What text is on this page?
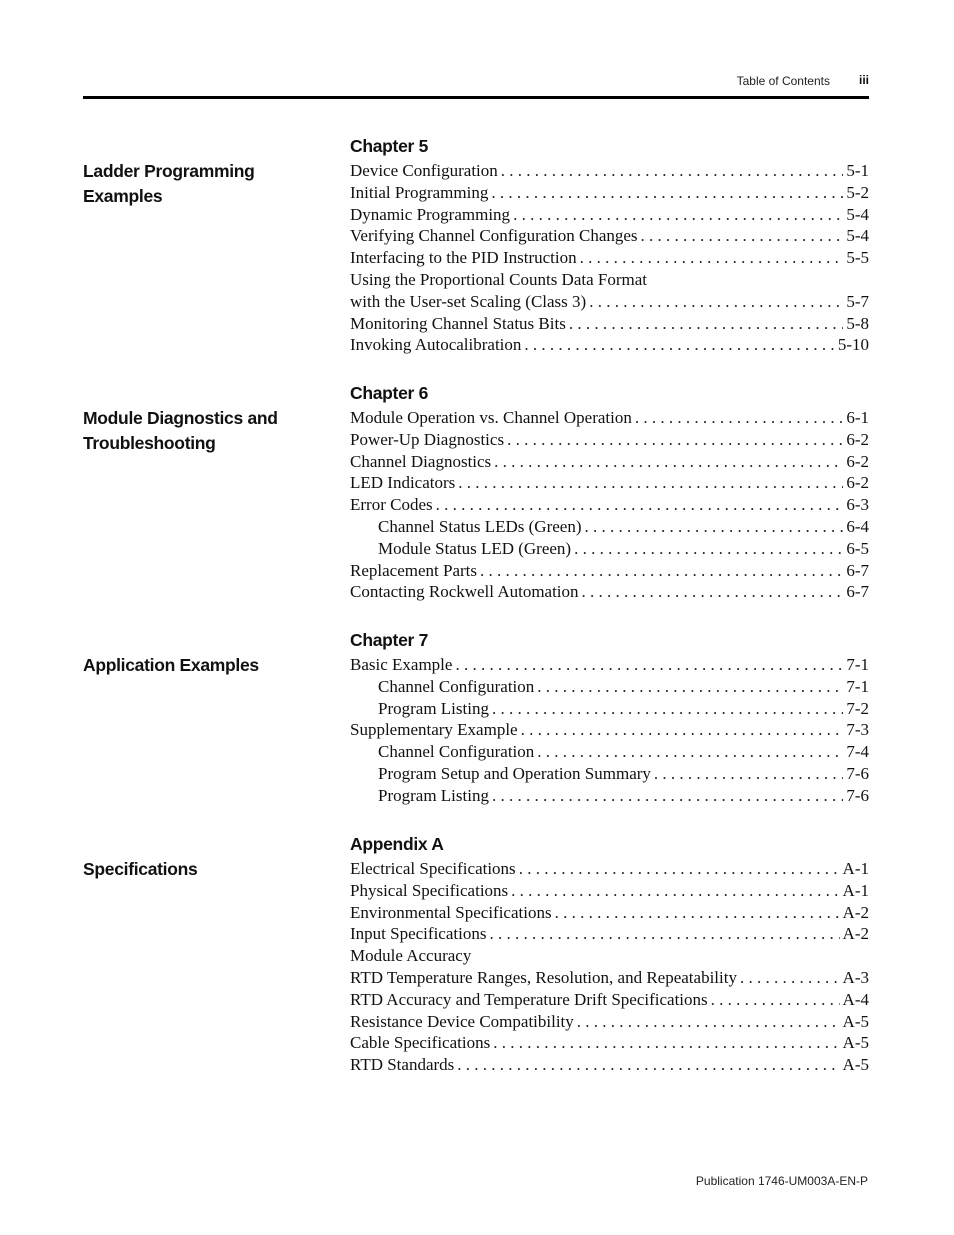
Table of Contents iii
Chapter 5
Ladder Programming Examples
Device Configuration . . .	5-1
Initial Programming . . .	5-2
Dynamic Programming . . .	5-4
Verifying Channel Configuration Changes . . .	5-4
Interfacing to the PID Instruction . . .	5-5
Using the Proportional Counts Data Format
with the User-set Scaling (Class 3) . . .	5-7
Monitoring Channel Status Bits . . .	5-8
Invoking Autocalibration . . .	5-10
Chapter 6
Module Diagnostics and
Troubleshooting
Module Operation vs. Channel Operation . . .	6-1
Power-Up Diagnostics . . .	6-2
Channel Diagnostics . . .	6-2
LED Indicators . . .	6-2
Error Codes . . .	6-3
Channel Status LEDs (Green) . . .	6-4
Module Status LED (Green) . . .	6-5
Replacement Parts . . .	6-7
Contacting Rockwell Automation . . .	6-7
Chapter 7
Application Examples	Basic Example . . .	7-1
Channel Configuration . . .	7-1
Program Listing . . .	7-2
Supplementary Example . . .	7-3
Channel Configuration . . .	7-4
Program Setup and Operation Summary . . .	7-6
Program Listing . . .	7-6
Appendix A
Specifications	Electrical Specifications . . .	A-1
Physical Specifications . . .	A-1
Environmental Specifications . . .	A-2
Input Specifications . . .	A-2
Module Accuracy
RTD Temperature Ranges, Resolution, and Repeatability . . .	A-3
RTD Accuracy and Temperature Drift Specifications . . .	A-4
Resistance Device Compatibility . . .	A-5
Cable Specifications . . .	A-5
RTD Standards . . .	A-5
Publication 1746-UM003A-EN-P
